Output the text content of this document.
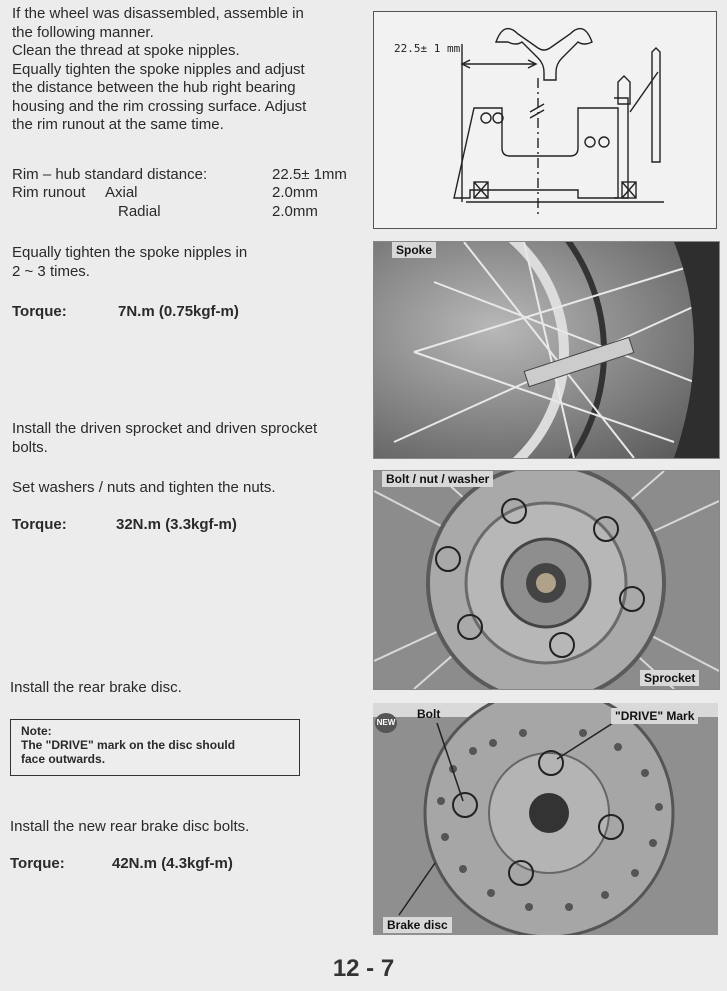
If the wheel was disassembled, assemble in
the following manner.
Clean the thread at spoke nipples.
Equally tighten the spoke nipples and adjust
the distance between the hub right bearing
housing and the rim crossing surface. Adjust
the rim runout at the same time.
Rim – hub standard distance:	22.5± 1mm
Rim runout Axial	2.0mm
Radial	2.0mm
Equally tighten the spoke nipples in
2 ~ 3 times.
Torque:	7N.m (0.75kgf-m)
Install the driven sprocket and driven sprocket
bolts.
Set washers / nuts and tighten the nuts.
Torque:	32N.m (3.3kgf-m)
Install the rear brake disc.
Note:
The "DRIVE" mark on the disc should
face outwards.
Install the new rear brake disc bolts.
Torque:	42N.m (4.3kgf-m)
22.5± 1 mm
Spoke
Bolt / nut / washer
Sprocket
NEW
Bolt	"DRIVE" Mark
Brake disc
12 - 7
